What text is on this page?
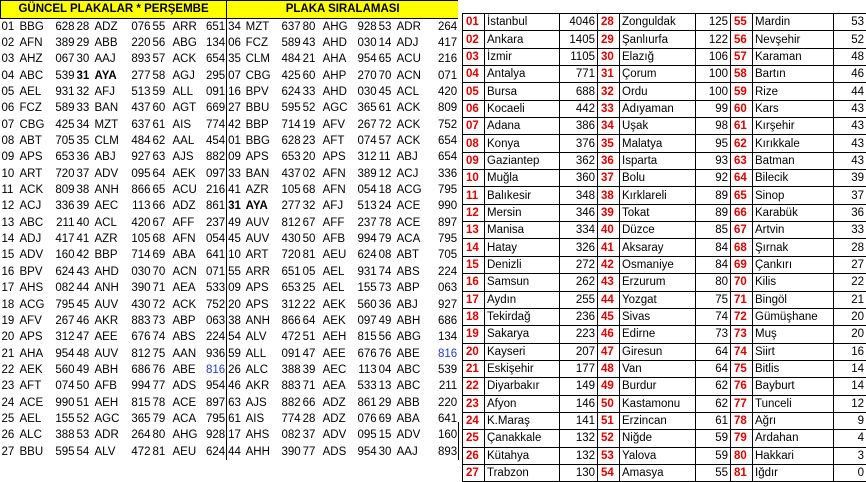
GÜNCEL PLAKALAR * PERŞEMBE									PLAKA SIRALAMASI								
01	BBG	628	28	ADZ	076	55	ARR	651	34	MZT	637	80	AHG	928	53	ADR	264
02	AFN	389	29	ABB	220	56	ABG	134	06	FCZ	589	43	AHD	030	14	ADJ	417
03	AHZ	067	30	AAJ	893	57	ACK	654	35	CLM	484	21	AHA	954	65	ACU	216
04	ABC	539	31	AYA	277	58	AGJ	295	07	CBG	425	60	AHP	270	70	ACN	071
05	AEL	931	32	AFJ	513	59	ALL	091	16	BPV	624	33	AHD	030	45	ACL	420
06	FCZ	589	33	BAN	437	60	AGT	669	27	BBU	595	52	AGC	365	61	ACK	809
07	CBG	425	34	MZT	637	61	AIS	774	42	BBP	714	19	AFV	267	72	ACK	752
08	ABT	705	35	CLM	484	62	AAL	454	01	BBG	628	23	AFT	074	57	ACK	654
09	APS	653	36	ABJ	927	63	AJS	882	09	APS	653	20	APS	312	11	ABJ	654
10	ART	720	37	ADV	095	64	AEK	097	33	BAN	437	02	AFN	389	12	ACJ	336
11	ACK	809	38	ANH	866	65	ACU	216	41	AZR	105	68	AFN	054	18	ACG	795
12	ACJ	336	39	AEC	113	66	ADZ	861	31	AYA	277	32	AFJ	513	24	ACE	990
13	ABC	211	40	ACL	420	67	AFF	237	49	AUV	812	67	AFF	237	78	ACE	897
14	ADJ	417	41	AZR	105	68	AFN	054	45	AUV	430	50	AFB	994	79	ACA	795
15	ADV	160	42	BBP	714	69	ABA	641	10	ART	720	81	AEU	624	08	ABT	705
16	BPV	624	43	AHD	030	70	ACN	071	55	ARR	651	05	AEL	931	74	ABS	224
17	AHS	082	44	ANH	390	71	AEA	533	09	APS	653	25	AEL	155	73	ABP	063
18	ACG	795	45	AUV	430	72	ACK	752	20	APS	312	22	AEK	560	36	ABJ	927
19	AFV	267	46	AKR	883	73	ABP	063	38	ANH	866	64	AEK	097	49	ABH	686
20	APS	312	47	AEE	676	74	ABS	224	54	ALV	472	51	AEH	815	56	ABG	134
21	AHA	954	48	AUV	812	75	AAN	936	59	ALL	091	47	AEE	676	76	ABE	816
22	AEK	560	49	ABH	686	76	ABE	816	26	ALC	388	39	AEC	113	04	ABC	539
23	AFT	074	50	AFB	994	77	ADS	954	46	AKR	883	71	AEA	533	13	ABC	211
24	ACE	990	51	AEH	815	78	ACE	897	63	AJS	882	66	ADZ	861	29	ABB	220
25	AEL	155	52	AGC	365	79	ACA	795	61	AIS	774	28	ADZ	076	69	ABA	641
26	ALC	388	53	ADR	264	80	AHG	928	17	AHS	082	37	ADV	095	15	ADV	160
27	BBU	595	54	ALV	472	81	AEU	624	44	AHH	390	77	ADS	954	30	AAJ	893
01	İstanbul	4046	28	Zonguldak	125	55	Mardin	53
02	Ankara	1405	29	Şanlıurfa	122	56	Nevşehir	52
03	İzmir	1105	30	Elazığ	106	57	Karaman	48
04	Antalya	771	31	Çorum	100	58	Bartın	46
05	Bursa	688	32	Ordu	100	59	Rize	44
06	Kocaeli	442	33	Adıyaman	99	60	Kars	43
07	Adana	386	34	Uşak	98	61	Kırşehir	43
08	Konya	376	35	Malatya	95	62	Kırıkkale	43
09	Gaziantep	362	36	Isparta	93	63	Batman	43
10	Muğla	360	37	Bolu	92	64	Bilecik	39
11	Balıkesir	348	38	Kırklareli	89	65	Sinop	37
12	Mersin	346	39	Tokat	89	66	Karabük	36
13	Manisa	334	40	Düzce	85	67	Artvin	33
14	Hatay	326	41	Aksaray	84	68	Şırnak	28
15	Denizli	272	42	Osmaniye	84	69	Çankırı	27
16	Samsun	262	43	Erzurum	80	70	Kilis	22
17	Aydın	255	44	Yozgat	75	71	Bingöl	21
18	Tekirdağ	236	45	Sivas	74	72	Gümüşhane	20
19	Sakarya	223	46	Edirne	73	73	Muş	20
20	Kayseri	207	47	Giresun	64	74	Siirt	16
21	Eskişehir	177	48	Van	64	75	Bitlis	14
22	Diyarbakır	149	49	Burdur	62	76	Bayburt	14
23	Afyon	146	50	Kastamonu	62	77	Tunceli	12
24	K.Maraş	141	51	Erzincan	61	78	Ağrı	9
25	Çanakkale	132	52	Niğde	59	79	Ardahan	4
26	Kütahya	132	53	Yalova	59	80	Hakkari	3
27	Trabzon	130	54	Amasya	55	81	Iğdır	0
